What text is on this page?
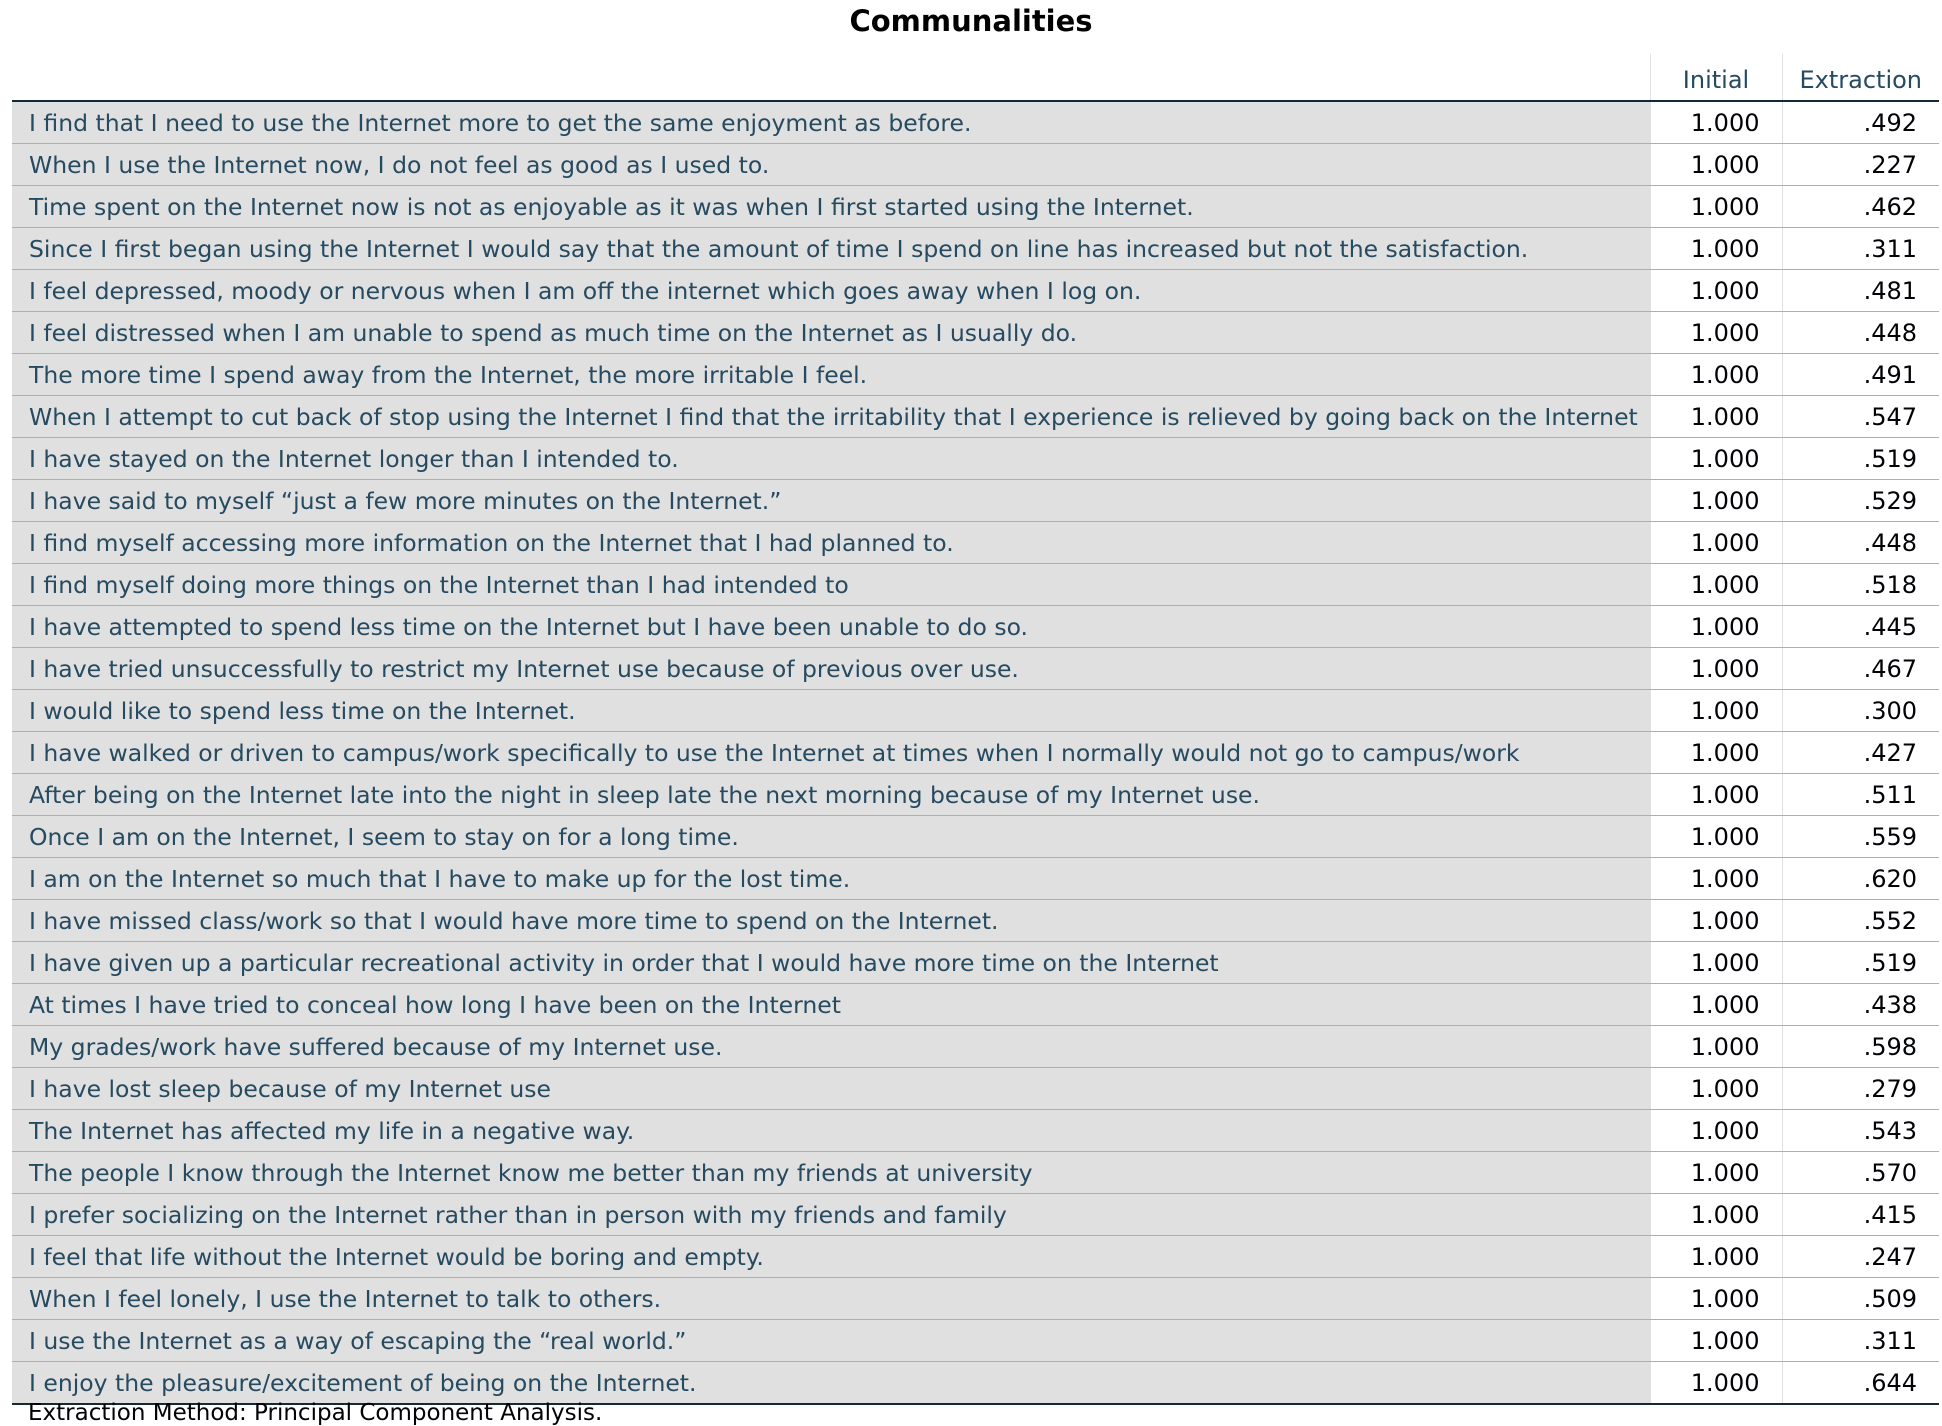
Communalities
	Initial	Extraction
I find that I need to use the Internet more to get the same enjoyment as before.	1.000	.492
When I use the Internet now, I do not feel as good as I used to.	1.000	.227
Time spent on the Internet now is not as enjoyable as it was when I first started using the Internet.	1.000	.462
Since I first began using the Internet I would say that the amount of time I spend on line has increased but not the satisfaction.	1.000	.311
I feel depressed, moody or nervous when I am off the internet which goes away when I log on.	1.000	.481
I feel distressed when I am unable to spend as much time on the Internet as I usually do.	1.000	.448
The more time I spend away from the Internet, the more irritable I feel.	1.000	.491
When I attempt to cut back of stop using the Internet I find that the irritability that I experience is relieved by going back on the Internet	1.000	.547
I have stayed on the Internet longer than I intended to.	1.000	.519
I have said to myself “just a few more minutes on the Internet.”	1.000	.529
I find myself accessing more information on the Internet that I had planned to.	1.000	.448
I find myself doing more things on the Internet than I had intended to	1.000	.518
I have attempted to spend less time on the Internet but I have been unable to do so.	1.000	.445
I have tried unsuccessfully to restrict my Internet use because of previous over use.	1.000	.467
I would like to spend less time on the Internet.	1.000	.300
I have walked or driven to campus/work specifically to use the Internet at times when I normally would not go to campus/work	1.000	.427
After being on the Internet late into the night in sleep late the next morning because of my Internet use.	1.000	.511
Once I am on the Internet, I seem to stay on for a long time.	1.000	.559
I am on the Internet so much that I have to make up for the lost time.	1.000	.620
I have missed class/work so that I would have more time to spend on the Internet.	1.000	.552
I have given up a particular recreational activity in order that I would have more time on the Internet	1.000	.519
At times I have tried to conceal how long I have been on the Internet	1.000	.438
My grades/work have suffered because of my Internet use.	1.000	.598
I have lost sleep because of my Internet use	1.000	.279
The Internet has affected my life in a negative way.	1.000	.543
The people I know through the Internet know me better than my friends at university	1.000	.570
I prefer socializing on the Internet rather than in person with my friends and family	1.000	.415
I feel that life without the Internet would be boring and empty.	1.000	.247
When I feel lonely, I use the Internet to talk to others.	1.000	.509
I use the Internet as a way of escaping the “real world.”	1.000	.311
I enjoy the pleasure/excitement of being on the Internet.	1.000	.644
Extraction Method: Principal Component Analysis.
